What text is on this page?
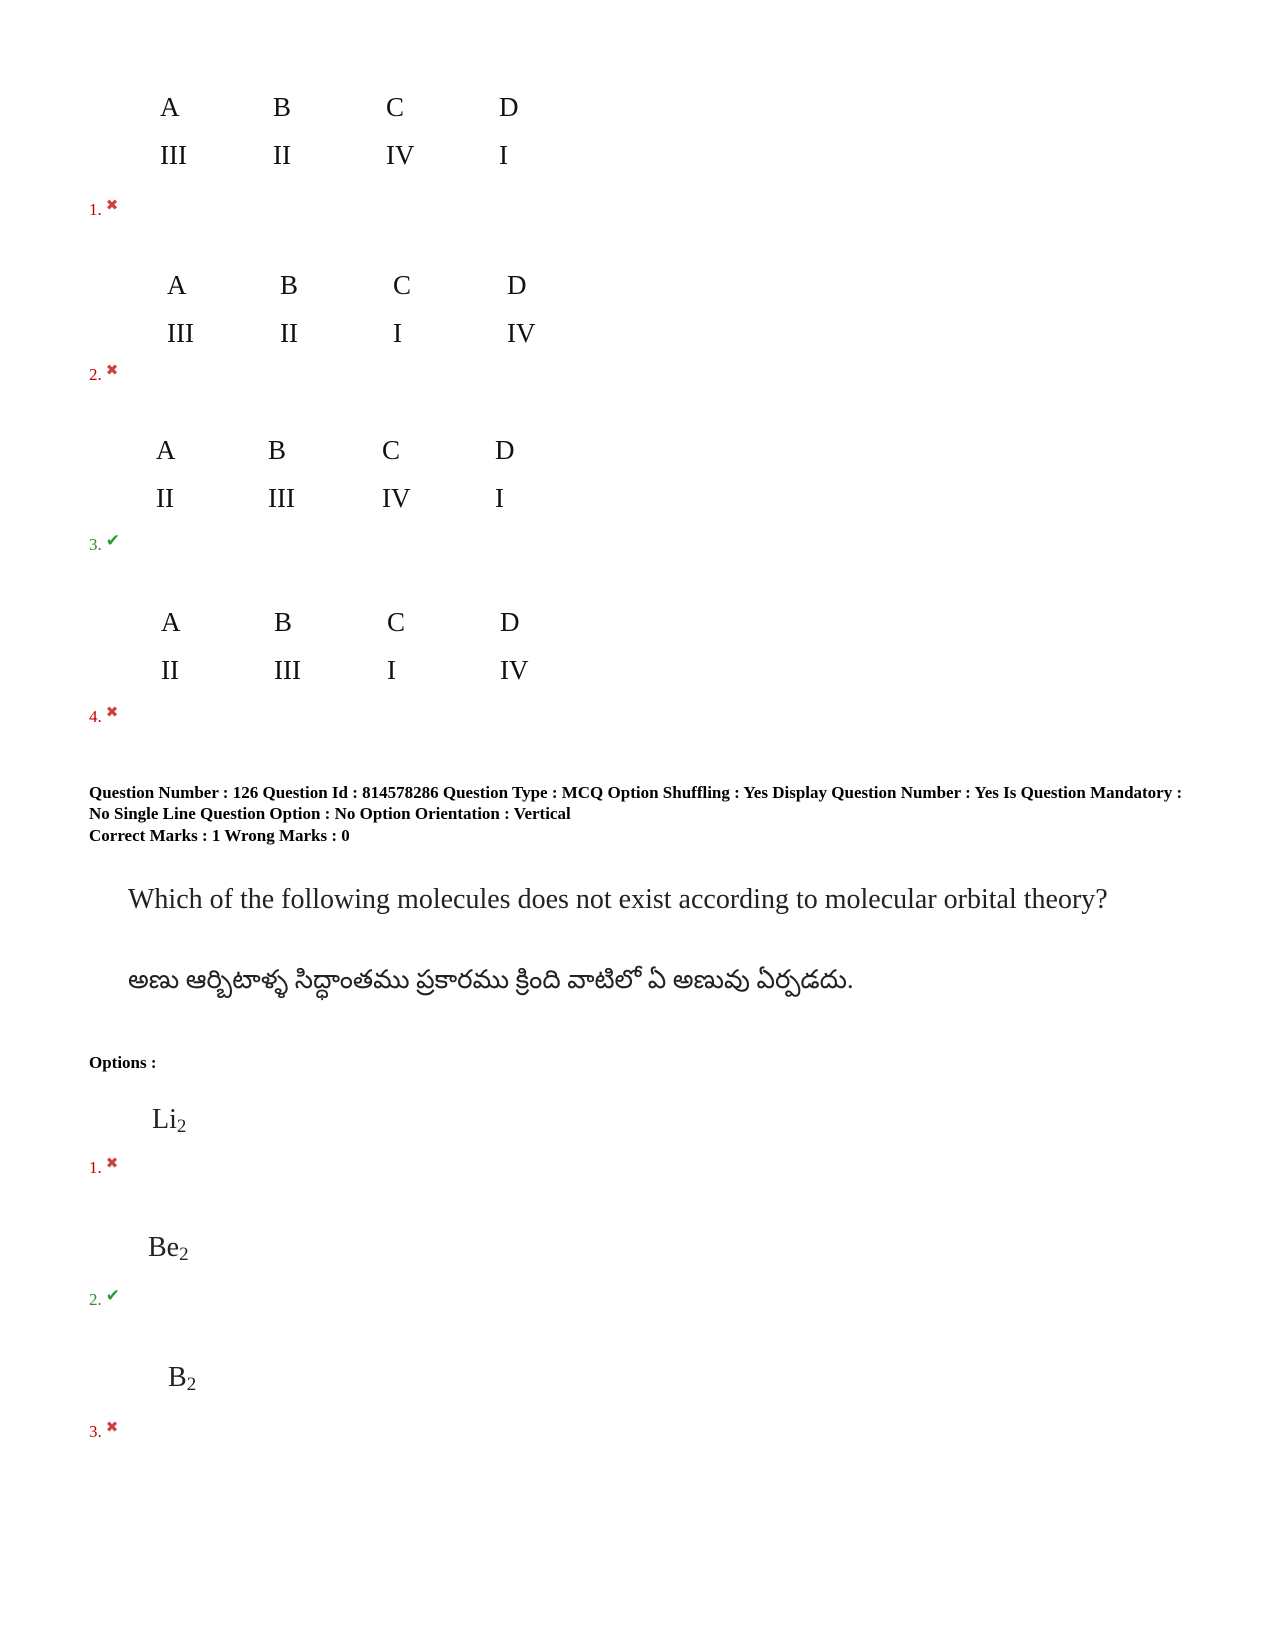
A	B	C	D
III	II	IV	I
1. ✖
A	B	C	D
III	II	I	IV
2. ✖
A	B	C	D
II	III	IV	I
3. ✔
A	B	C	D
II	III	I	IV
4. ✖
Question Number : 126 Question Id : 814578286 Question Type : MCQ Option Shuffling : Yes Display Question Number : Yes Is Question Mandatory : No Single Line Question Option : No Option Orientation : Vertical
Correct Marks : 1 Wrong Marks : 0
Which of the following molecules does not exist according to molecular orbital theory?
అణు ఆర్బిటాళ్ళ సిద్ధాంతము ప్రకారము క్రింది వాటిలో ఏ అణువు ఏర్పడదు.
Options :
$Li_2$
1. ✖
$Be_2$
2. ✔
$B_2$
3. ✖
